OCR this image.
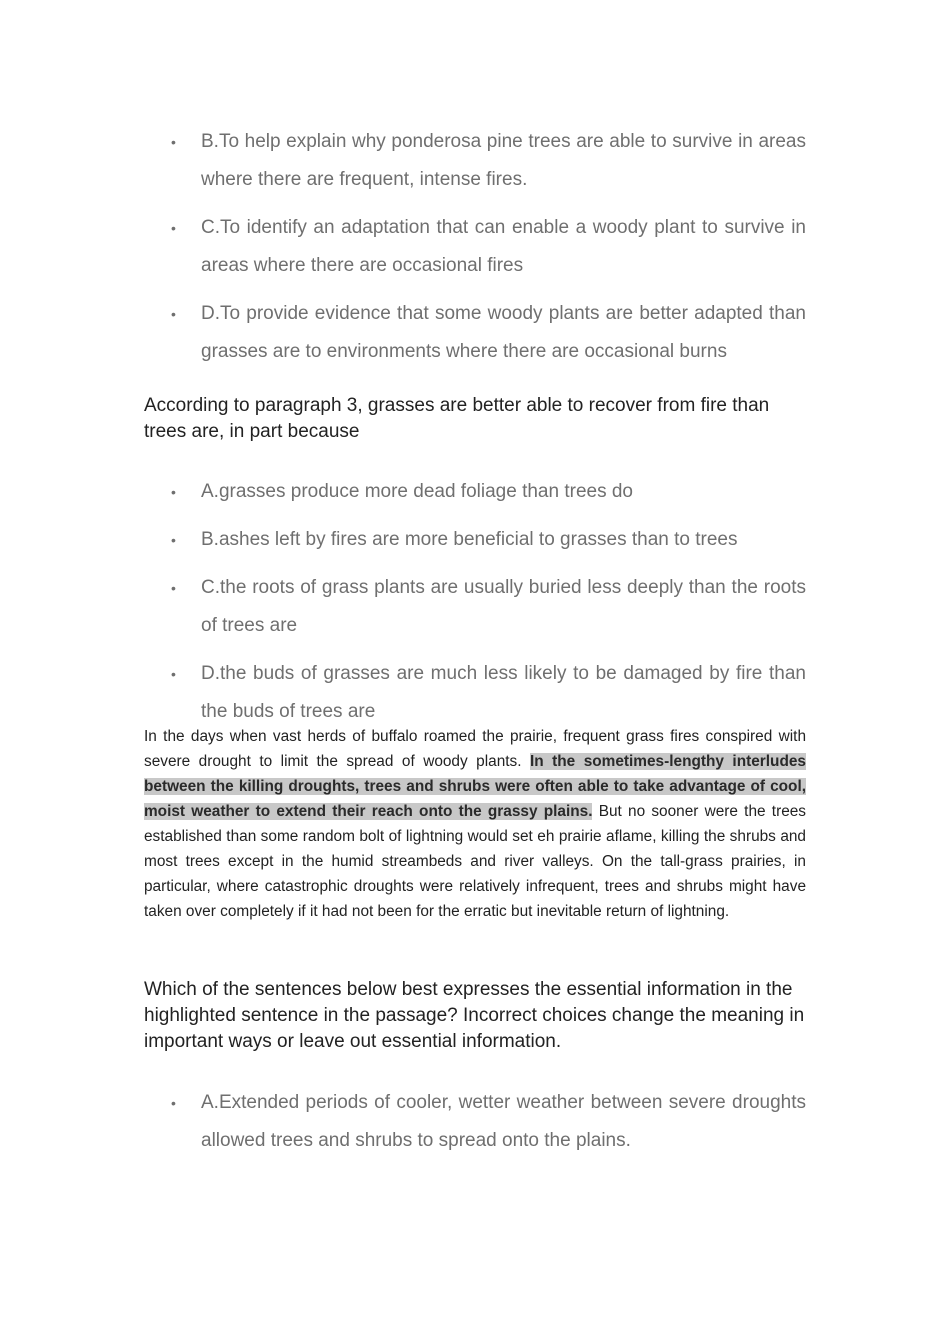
• B.To help explain why ponderosa pine trees are able to survive in areas where there are frequent, intense fires.
• C.To identify an adaptation that can enable a woody plant to survive in areas where there are occasional fires
• D.To provide evidence that some woody plants are better adapted than grasses are to environments where there are occasional burns

According to paragraph 3, grasses are better able to recover from fire than trees are, in part because

• A.grasses produce more dead foliage than trees do
• B.ashes left by fires are more beneficial to grasses than to trees
• C.the roots of grass plants are usually buried less deeply than the roots of trees are
• D.the buds of grasses are much less likely to be damaged by fire than the buds of trees are

In the days when vast herds of buffalo roamed the prairie, frequent grass fires conspired with severe drought to limit the spread of woody plants. In the sometimes-lengthy interludes between the killing droughts, trees and shrubs were often able to take advantage of cool, moist weather to extend their reach onto the grassy plains. But no sooner were the trees established than some random bolt of lightning would set eh prairie aflame, killing the shrubs and most trees except in the humid streambeds and river valleys. On the tall-grass prairies, in particular, where catastrophic droughts were relatively infrequent, trees and shrubs might have taken over completely if it had not been for the erratic but inevitable return of lightning.

Which of the sentences below best expresses the essential information in the highlighted sentence in the passage? Incorrect choices change the meaning in important ways or leave out essential information.

• A.Extended periods of cooler, wetter weather between severe droughts allowed trees and shrubs to spread onto the plains.
